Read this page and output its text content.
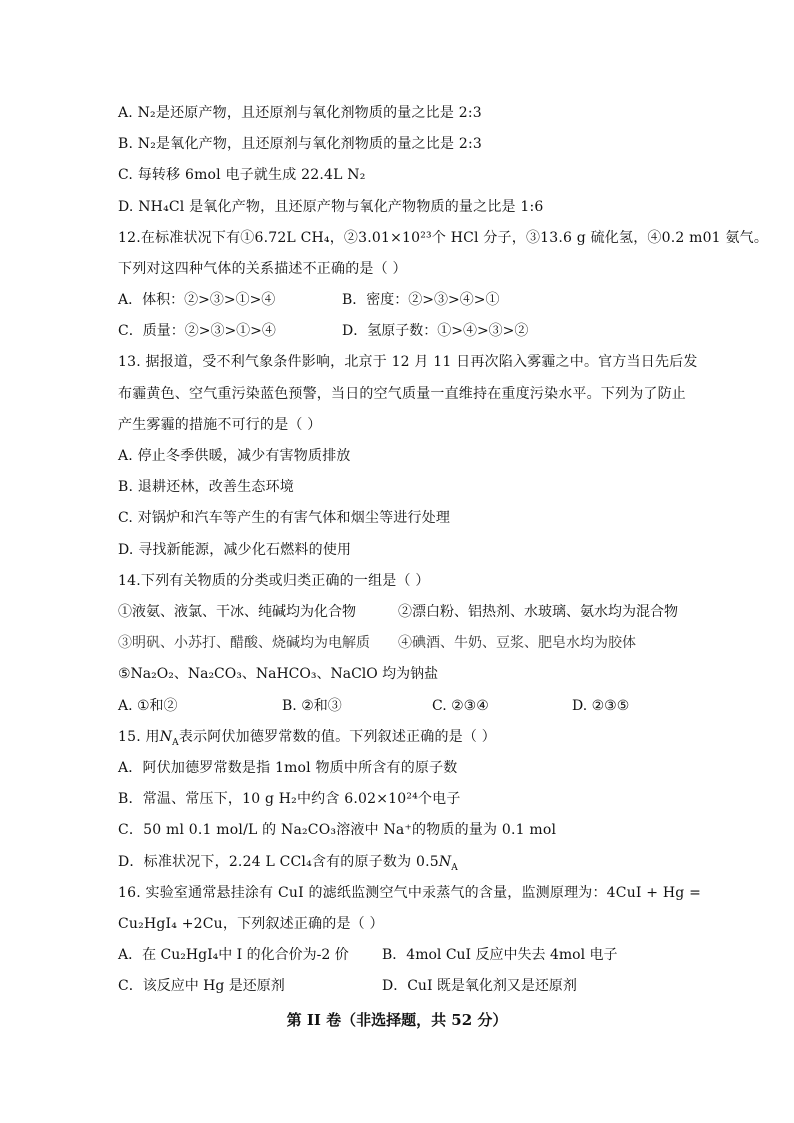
A. N₂是还原产物，且还原剂与氧化剂物质的量之比是 2:3
B. N₂是氧化产物，且还原剂与氧化剂物质的量之比是 2:3
C. 每转移 6mol 电子就生成 22.4L N₂
D. NH₄Cl 是氧化产物，且还原产物与氧化产物物质的量之比是 1:6
12.在标准状况下有①6.72L CH₄，②3.01×10²³个 HCl 分子，③13.6 g 硫化氢，④0.2 m01 氨气。
下列对这四种气体的关系描述不正确的是（ ）
A．体积：②>③>①>④	B．密度：②>③>④>①
C．质量：②>③>①>④	D．氢原子数：①>④>③>②
13. 据报道，受不利气象条件影响，北京于 12 月 11 日再次陷入雾霾之中。官方当日先后发
布霾黄色、空气重污染蓝色预警，当日的空气质量一直维持在重度污染水平。下列为了防止
产生雾霾的措施不可行的是（ ）
A. 停止冬季供暖，减少有害物质排放
B. 退耕还林，改善生态环境
C. 对锅炉和汽车等产生的有害气体和烟尘等进行处理
D. 寻找新能源，减少化石燃料的使用
14.下列有关物质的分类或归类正确的一组是（ ）
①液氨、液氯、干冰、纯碱均为化合物	②漂白粉、铝热剂、水玻璃、氨水均为混合物
③明矾、小苏打、醋酸、烧碱均为电解质 ④碘酒、牛奶、豆浆、肥皂水均为胶体
⑤Na₂O₂、Na₂CO₃、NaHCO₃、NaClO 均为钠盐
A. ①和②	B. ②和③	C. ②③④	D. ②③⑤
15. 用$N_A$表示阿伏加德罗常数的值。下列叙述正确的是（ ）
A．阿伏加德罗常数是指 1mol 物质中所含有的原子数
B．常温、常压下，10 g H₂中约含 6.02×10²⁴个电子
C．50 ml 0.1 mol/L 的 Na₂CO₃溶液中 Na⁺的物质的量为 0.1 mol
D．标准状况下，2.24 L CCl₄含有的原子数为 $0.5N_A$
16. 实验室通常悬挂涂有 CuI 的滤纸监测空气中汞蒸气的含量，监测原理为：4CuI + Hg =
Cu₂HgI₄ +2Cu，下列叙述正确的是（ ）
A．在 Cu₂HgI₄中 I 的化合价为-2 价 B．4mol CuI 反应中失去 4mol 电子
C．该反应中 Hg 是还原剂	D．CuI 既是氧化剂又是还原剂
第 II 卷（非选择题，共 52 分）
